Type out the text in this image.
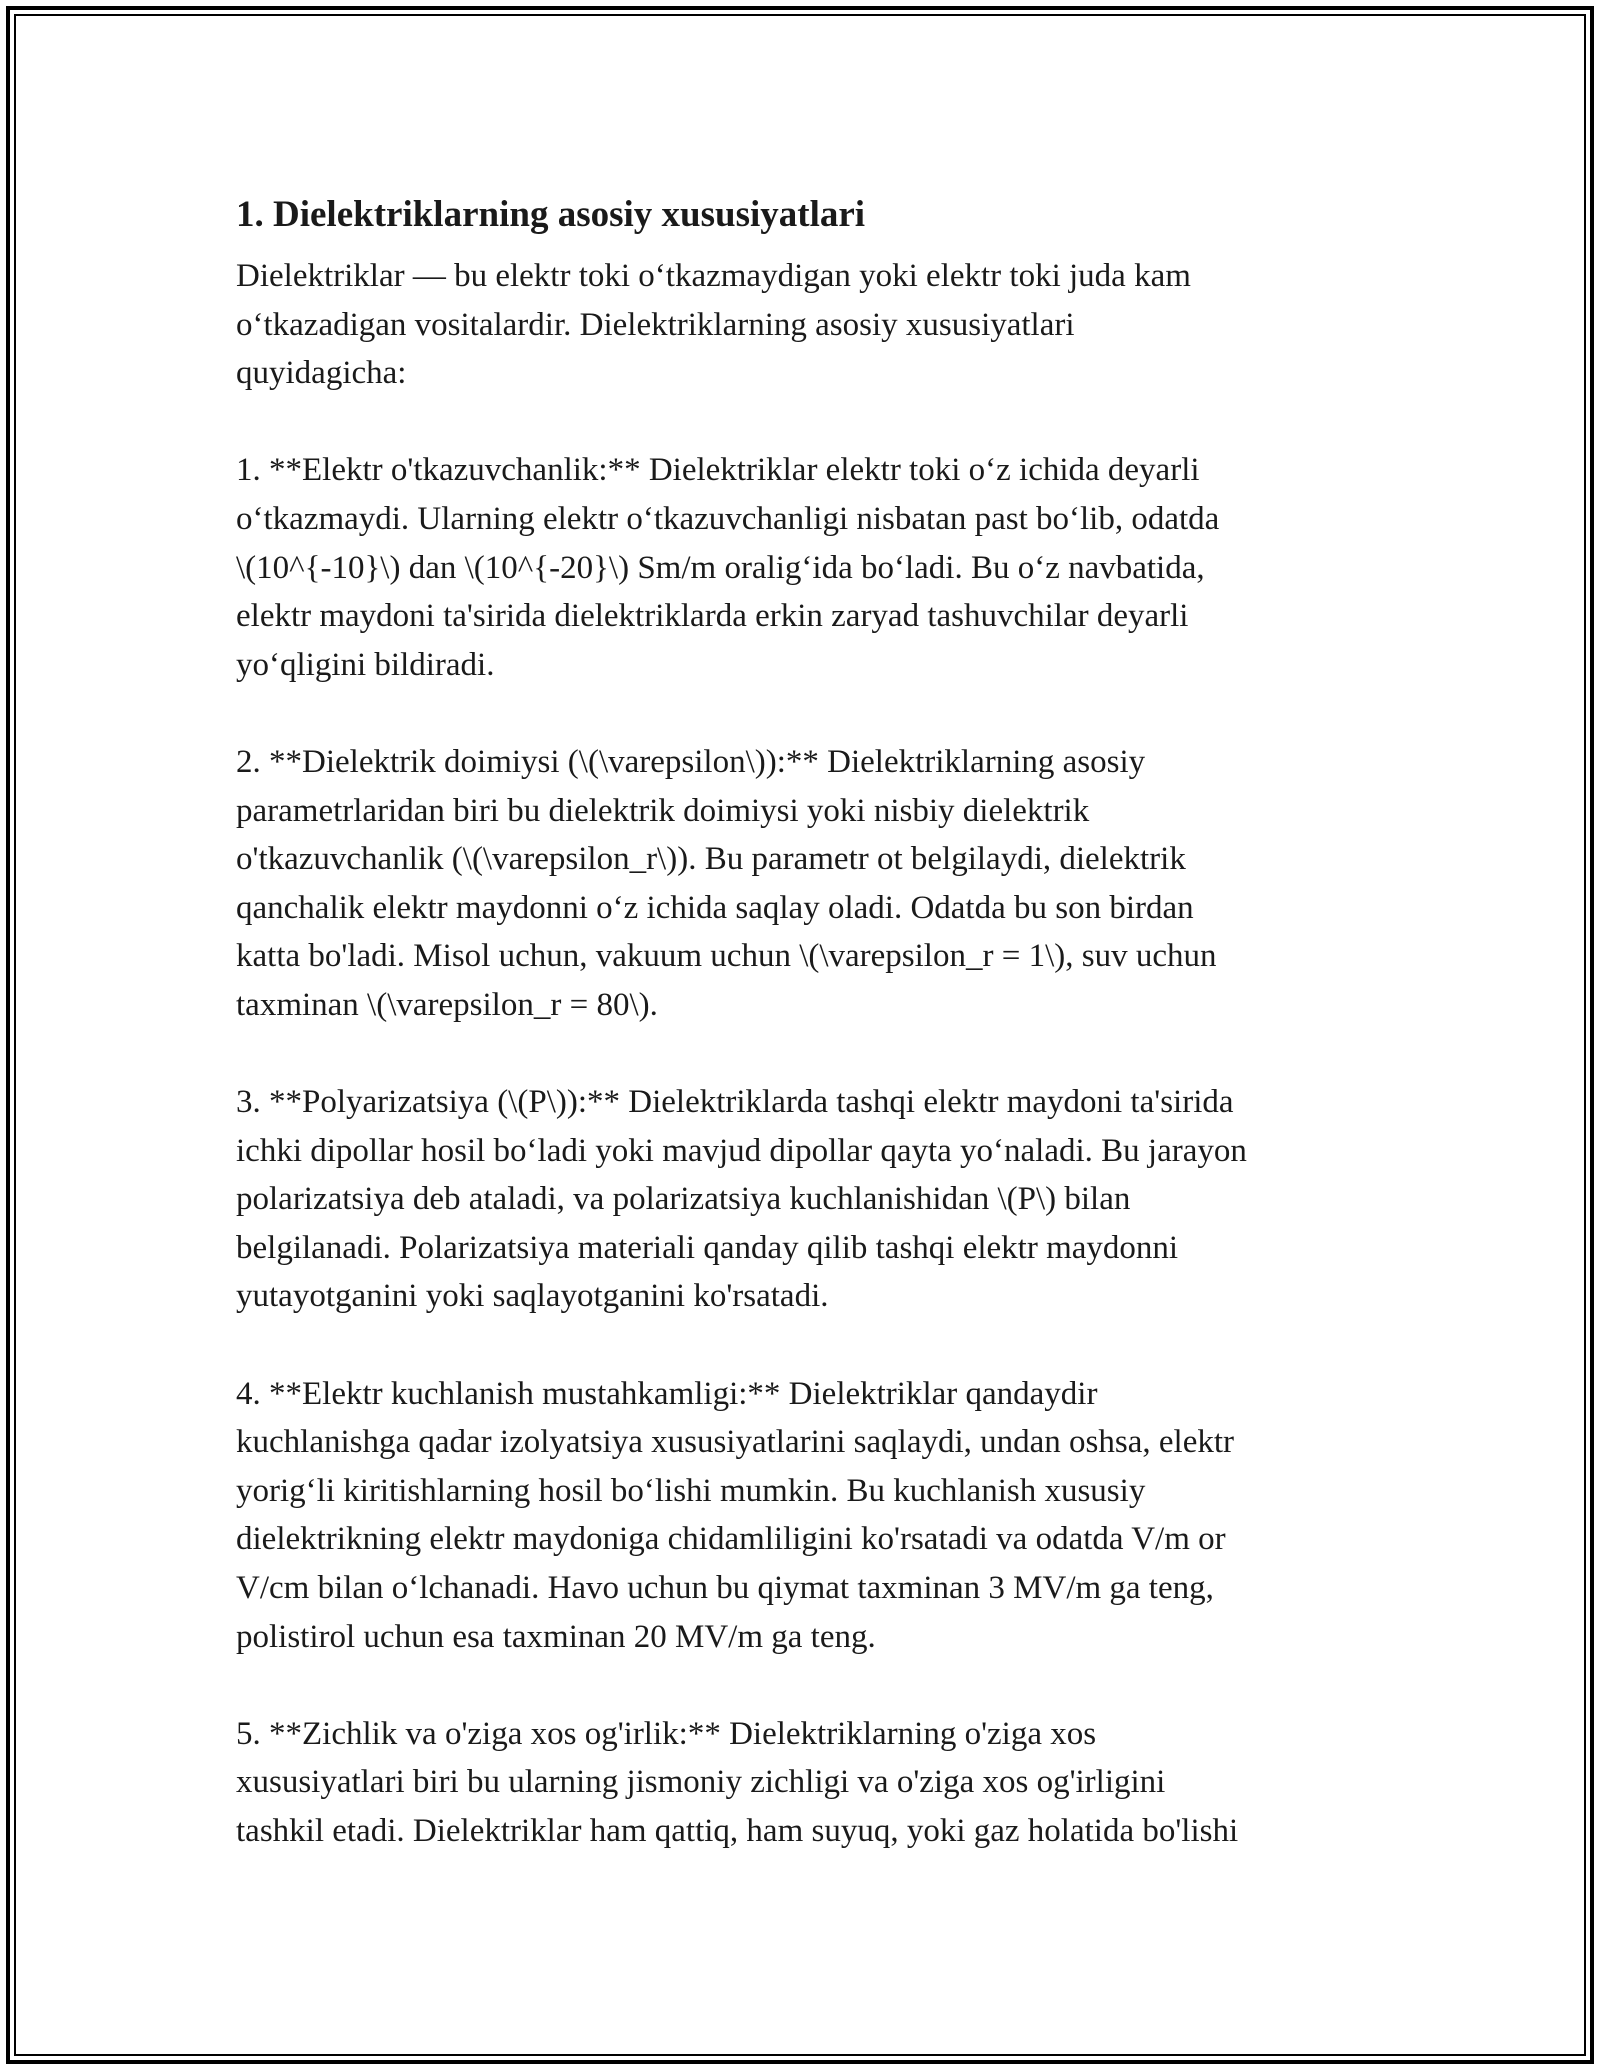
1. Dielektriklarning asosiy xususiyatlari

Dielektriklar — bu elektr toki o‘tkazmaydigan yoki elektr toki juda kam
o‘tkazadigan vositalardir. Dielektriklarning asosiy xususiyatlari
quyidagicha:

1. **Elektr o'tkazuvchanlik:** Dielektriklar elektr toki o‘z ichida deyarli
o‘tkazmaydi. Ularning elektr o‘tkazuvchanligi nisbatan past bo‘lib, odatda
\(10^{-10}\) dan \(10^{-20}\) Sm/m oralig‘ida bo‘ladi. Bu o‘z navbatida,
elektr maydoni ta'sirida dielektriklarda erkin zaryad tashuvchilar deyarli
yo‘qligini bildiradi.

2. **Dielektrik doimiysi (\(\varepsilon\)):** Dielektriklarning asosiy
parametrlaridan biri bu dielektrik doimiysi yoki nisbiy dielektrik
o'tkazuvchanlik (\(\varepsilon_r\)). Bu parametr ot belgilaydi, dielektrik
qanchalik elektr maydonni o‘z ichida saqlay oladi. Odatda bu son birdan
katta bo'ladi. Misol uchun, vakuum uchun \(\varepsilon_r = 1\), suv uchun
taxminan \(\varepsilon_r = 80\).

3. **Polyarizatsiya (\(P\)):** Dielektriklarda tashqi elektr maydoni ta'sirida
ichki dipollar hosil bo‘ladi yoki mavjud dipollar qayta yo‘naladi. Bu jarayon
polarizatsiya deb ataladi, va polarizatsiya kuchlanishidan \(P\) bilan
belgilanadi. Polarizatsiya materiali qanday qilib tashqi elektr maydonni
yutayotganini yoki saqlayotganini ko'rsatadi.

4. **Elektr kuchlanish mustahkamligi:** Dielektriklar qandaydir
kuchlanishga qadar izolyatsiya xususiyatlarini saqlaydi, undan oshsa, elektr
yorig‘li kiritishlarning hosil bo‘lishi mumkin. Bu kuchlanish xususiy
dielektrikning elektr maydoniga chidamliligini ko'rsatadi va odatda V/m or
V/cm bilan o‘lchanadi. Havo uchun bu qiymat taxminan 3 MV/m ga teng,
polistirol uchun esa taxminan 20 MV/m ga teng.

5. **Zichlik va o'ziga xos og'irlik:** Dielektriklarning o'ziga xos
xususiyatlari biri bu ularning jismoniy zichligi va o'ziga xos og'irligini
tashkil etadi. Dielektriklar ham qattiq, ham suyuq, yoki gaz holatida bo'lishi
